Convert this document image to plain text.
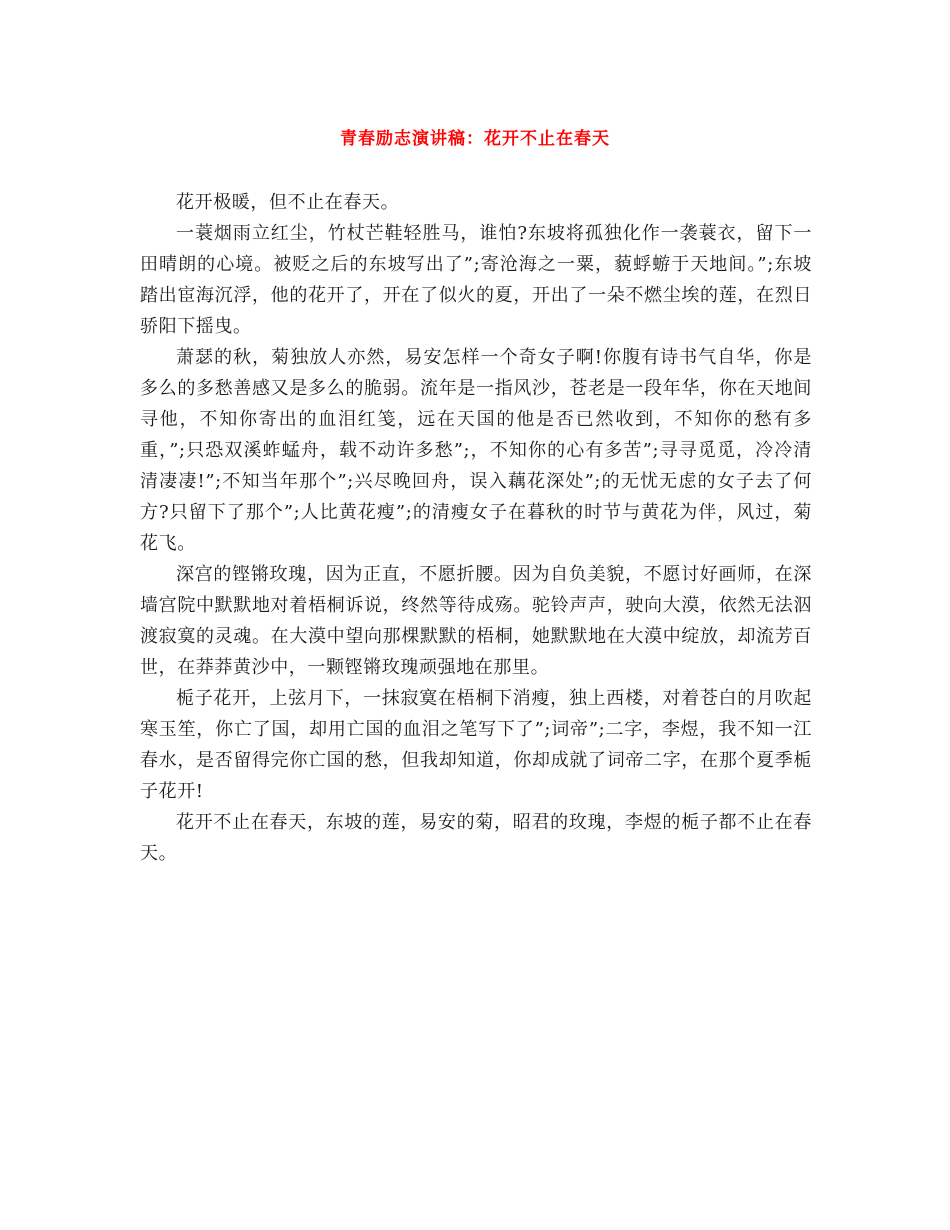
青春励志演讲稿：花开不止在春天

花开极暖，但不止在春天。

一蓑烟雨立红尘，竹杖芒鞋轻胜马，谁怕?东坡将孤独化作一袭蓑衣，留下一田晴朗的心境。被贬之后的东坡写出了”;寄沧海之一粟，藐蜉蝣于天地间。”;东坡踏出宦海沉浮，他的花开了，开在了似火的夏，开出了一朵不燃尘埃的莲，在烈日骄阳下摇曳。

萧瑟的秋，菊独放人亦然，易安怎样一个奇女子啊!你腹有诗书气自华，你是多么的多愁善感又是多么的脆弱。流年是一指风沙，苍老是一段年华，你在天地间寻他，不知你寄出的血泪红笺，远在天国的他是否已然收到，不知你的愁有多重，”;只恐双溪蚱蜢舟，载不动许多愁”;，不知你的心有多苦”;寻寻觅觅，冷冷清清凄凄!”;不知当年那个”;兴尽晚回舟，误入藕花深处”;的无忧无虑的女子去了何方?只留下了那个”;人比黄花瘦”;的清瘦女子在暮秋的时节与黄花为伴，风过，菊花飞。

深宫的铿锵玫瑰，因为正直，不愿折腰。因为自负美貌，不愿讨好画师，在深墙宫院中默默地对着梧桐诉说，终然等待成殇。驼铃声声，驶向大漠，依然无法泅渡寂寞的灵魂。在大漠中望向那棵默默的梧桐，她默默地在大漠中绽放，却流芳百世，在莽莽黄沙中，一颗铿锵玫瑰顽强地在那里。

栀子花开，上弦月下，一抹寂寞在梧桐下消瘦，独上西楼，对着苍白的月吹起寒玉笙，你亡了国，却用亡国的血泪之笔写下了”;词帝”;二字，李煜，我不知一江春水，是否留得完你亡国的愁，但我却知道，你却成就了词帝二字，在那个夏季栀子花开!

花开不止在春天，东坡的莲，易安的菊，昭君的玫瑰，李煜的栀子都不止在春天。
